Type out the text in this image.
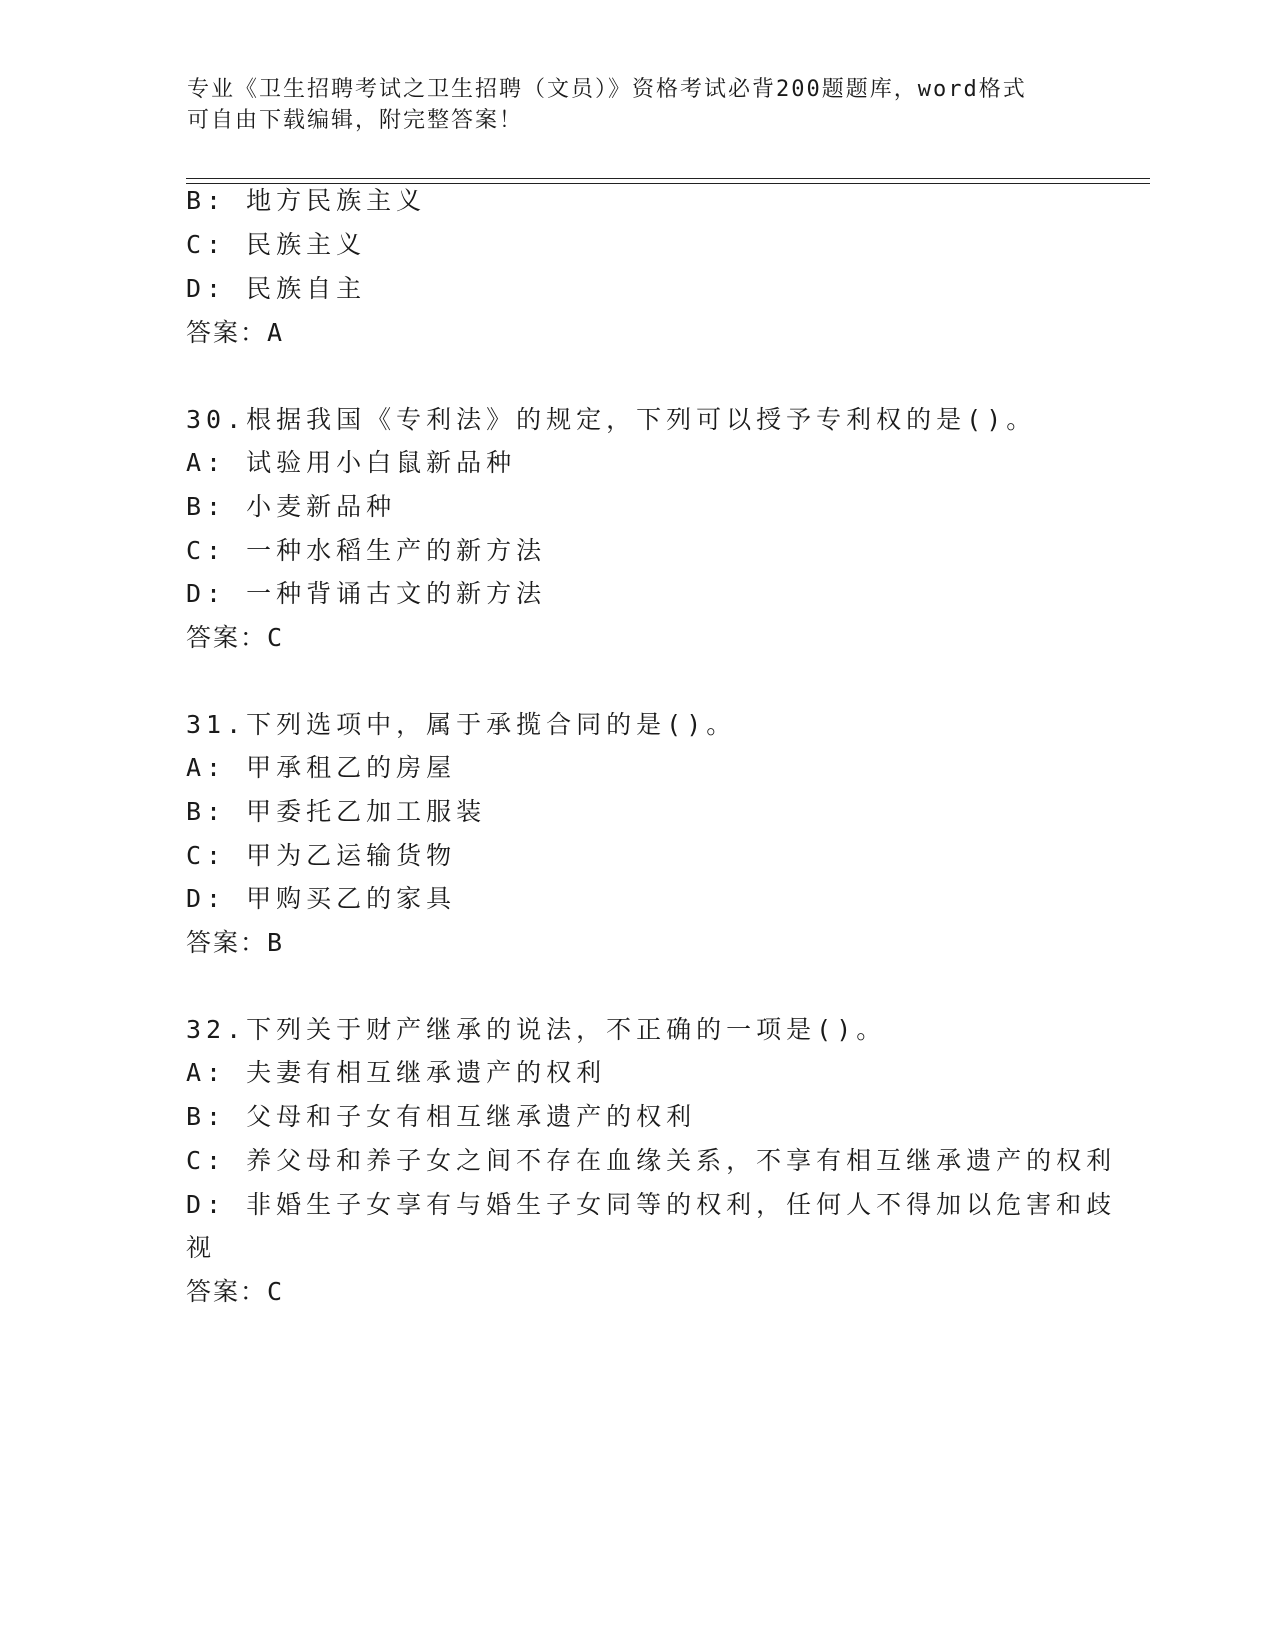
专业《卫生招聘考试之卫生招聘（文员）》资格考试必背200题题库，word格式
可自由下载编辑，附完整答案！
B: 地方民族主义
C: 民族主义
D: 民族自主
答案：A
30.根据我国《专利法》的规定，下列可以授予专利权的是()。
A: 试验用小白鼠新品种
B: 小麦新品种
C: 一种水稻生产的新方法
D: 一种背诵古文的新方法
答案：C
31.下列选项中，属于承揽合同的是()。
A: 甲承租乙的房屋
B: 甲委托乙加工服装
C: 甲为乙运输货物
D: 甲购买乙的家具
答案：B
32.下列关于财产继承的说法，不正确的一项是()。
A: 夫妻有相互继承遗产的权利
B: 父母和子女有相互继承遗产的权利
C: 养父母和养子女之间不存在血缘关系，不享有相互继承遗产的权利
D: 非婚生子女享有与婚生子女同等的权利，任何人不得加以危害和歧
视
答案：C
